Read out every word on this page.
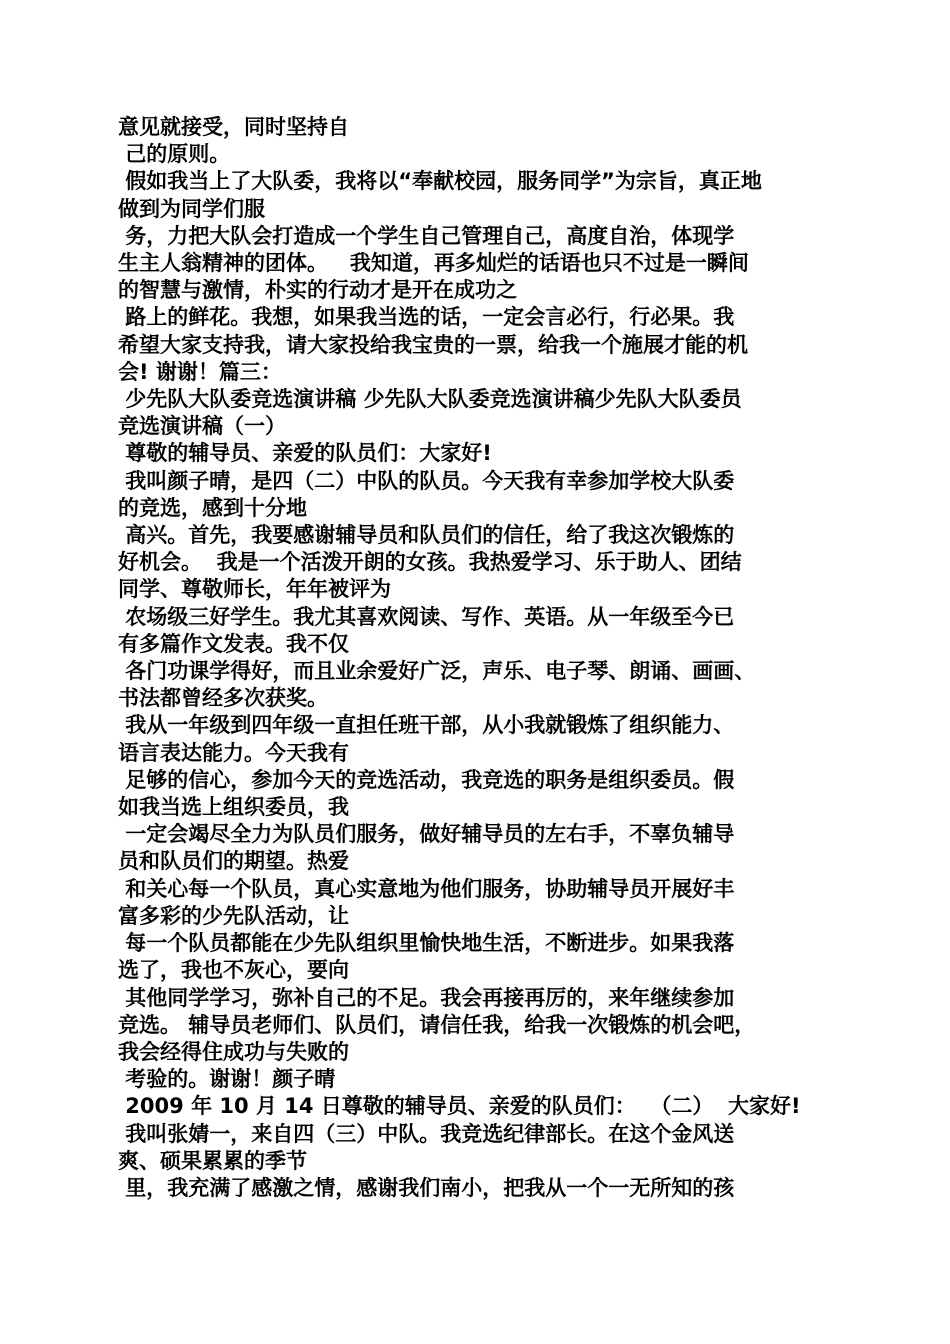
意见就接受，同时坚持自
己的原则。
假如我当上了大队委，我将以“奉献校园，服务同学”为宗旨，真正地
做到为同学们服
务，力把大队会打造成一个学生自己管理自己，高度自治，体现学
生主人翁精神的团体。   我知道，再多灿烂的话语也只不过是一瞬间
的智慧与激情，朴实的行动才是开在成功之
路上的鲜花。我想，如果我当选的话，一定会言必行，行必果。我
希望大家支持我，请大家投给我宝贵的一票，给我一个施展才能的机
会! 谢谢！篇三：
少先队大队委竞选演讲稿 少先队大队委竞选演讲稿少先队大队委员
竞选演讲稿（一）
尊敬的辅导员、亲爱的队员们：大家好!
我叫颜子晴，是四（二）中队的队员。今天我有幸参加学校大队委
的竞选，感到十分地
高兴。首先，我要感谢辅导员和队员们的信任，给了我这次锻炼的
好机会。  我是一个活泼开朗的女孩。我热爱学习、乐于助人、团结
同学、尊敬师长，年年被评为
农场级三好学生。我尤其喜欢阅读、写作、英语。从一年级至今已
有多篇作文发表。我不仅
各门功课学得好，而且业余爱好广泛，声乐、电子琴、朗诵、画画、
书法都曾经多次获奖。
我从一年级到四年级一直担任班干部，从小我就锻炼了组织能力、
语言表达能力。今天我有
足够的信心，参加今天的竞选活动，我竞选的职务是组织委员。假
如我当选上组织委员，我
一定会竭尽全力为队员们服务，做好辅导员的左右手，不辜负辅导
员和队员们的期望。热爱
和关心每一个队员，真心实意地为他们服务，协助辅导员开展好丰
富多彩的少先队活动，让
每一个队员都能在少先队组织里愉快地生活，不断进步。如果我落
选了，我也不灰心，要向
其他同学学习，弥补自己的不足。我会再接再厉的，来年继续参加
竞选。 辅导员老师们、队员们，请信任我，给我一次锻炼的机会吧，
我会经得住成功与失败的
考验的。谢谢！颜子晴
2009 年 10 月 14 日尊敬的辅导员、亲爱的队员们：  （二）  大家好!
我叫张婧一，来自四（三）中队。我竞选纪律部长。在这个金风送
爽、硕果累累的季节
里，我充满了感激之情，感谢我们南小，把我从一个一无所知的孩
